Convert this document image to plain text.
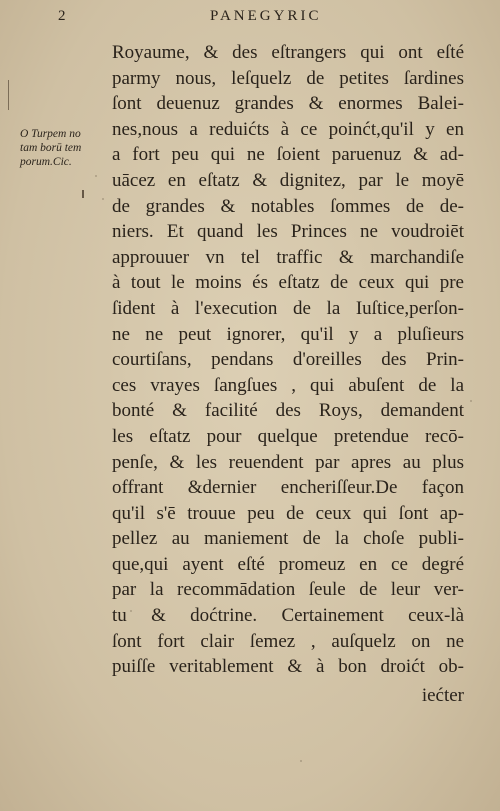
2	PANEGYRIC
O Turpem no
tam borū tem
porum.Cic.
Royaume, & des eſtrangers qui ont eſté
parmy nous, leſquelz de petites ſardines
ſont deuenuz grandes & enormes Balei-
nes,nous a reduićts à ce poinćt,qu'il y en
a fort peu qui ne ſoient paruenuz & ad-
uācez en eſtatz & dignitez, par le moyē
de grandes & notables ſommes de de-
niers. Et quand les Princes ne voudroiēt
approuuer vn tel traffic & marchandiſe
à tout le moins és eſtatz de ceux qui pre
ſident à l'execution de la Iuſtice,perſon-
ne ne peut ignorer, qu'il y a pluſieurs
courtiſans, pendans d'oreilles des Prin-
ces vrayes ſangſues , qui abuſent de la
bonté & facilité des Roys, demandent
les eſtatz pour quelque pretendue recō-
penſe, & les reuendent par apres au plus
offrant &dernier encheriſſeur.De façon
qu'il s'ē trouue peu de ceux qui ſont ap-
pellez au maniement de la choſe publi-
que,qui ayent eſté promeuz en ce degré
par la recommādation ſeule de leur ver-
tu & dоćtrine. Certainement ceux-là
ſont fort clair ſemez , auſquelz on ne
puiſſe veritablement & à bon droićt ob-
iećter
